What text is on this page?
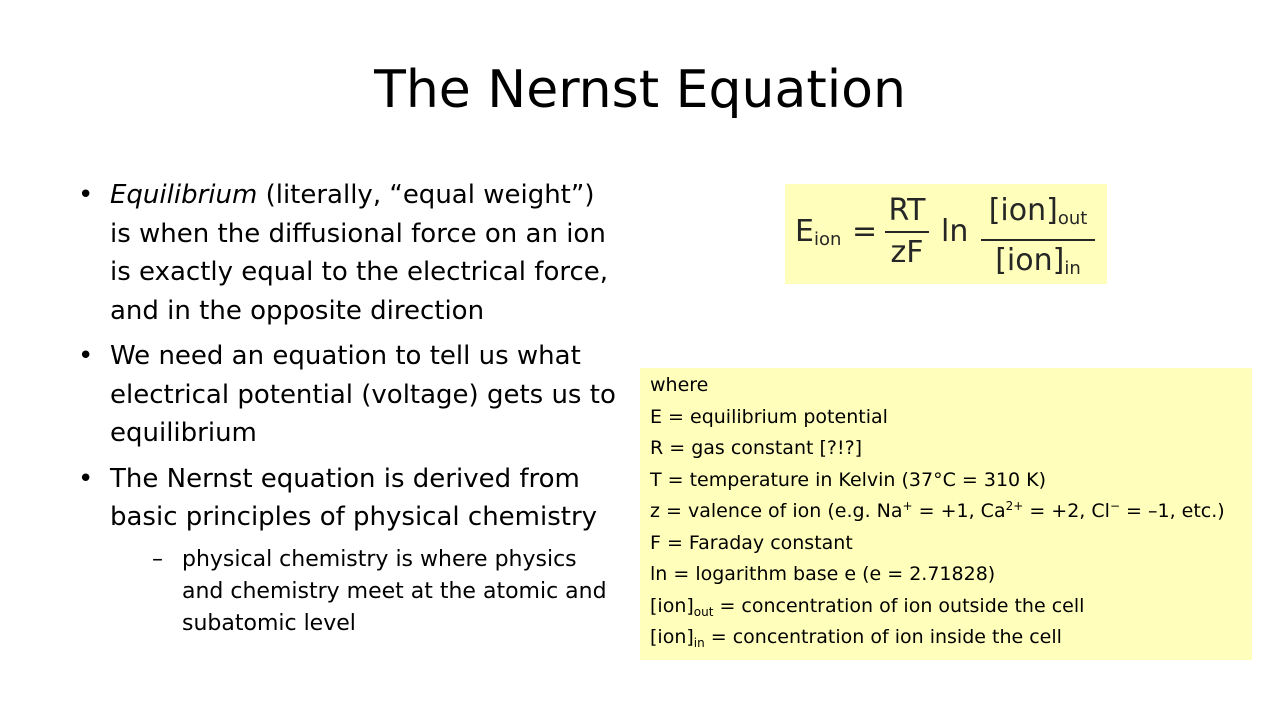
The Nernst Equation
• Equilibrium (literally, “equal weight”) is when the diffusional force on an ion is exactly equal to the electrical force, and in the opposite direction
• We need an equation to tell us what electrical potential (voltage) gets us to equilibrium
• The Nernst equation is derived from basic principles of physical chemistry
– physical chemistry is where physics and chemistry meet at the atomic and subatomic level
$E_{ion} = \frac{RT}{zF}$ ln
$[ion]_{out}$
$[ion]_{in}$
where
E = equilibrium potential
R = gas constant [?!?]
T = temperature in Kelvin (37°C = 310 K)
z = valence of ion (e.g. Na+ = +1, $Ca^{2+} = +2$, Cl− = –1, etc.)
F = Faraday constant
ln = logarithm base e (e = 2.71828)
$[ion]_{out}$ = concentration of ion outside the cell
$[ion]_{in}$ = concentration of ion inside the cell
